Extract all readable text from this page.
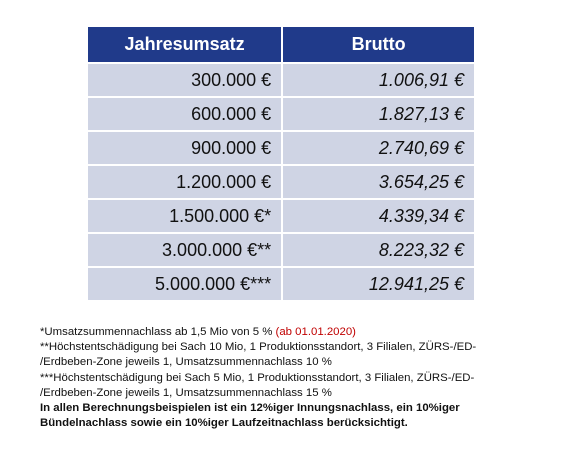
Jahresumsatz	Brutto
300.000 €	1.006,91 €
600.000 €	1.827,13 €
900.000 €	2.740,69 €
1.200.000 €	3.654,25 €
1.500.000 €*	4.339,34 €
3.000.000 €**	8.223,32 €
5.000.000 €***	12.941,25 €
*Umsatzsummennachlass ab 1,5 Mio von 5 % (ab 01.01.2020)
**Höchstentschädigung bei Sach 10 Mio, 1 Produktionsstandort, 3 Filialen, ZÜRS-/ED-
/Erdbeben-Zone jeweils 1, Umsatzsummennachlass 10 %
***Höchstentschädigung bei Sach 5 Mio, 1 Produktionsstandort, 3 Filialen, ZÜRS-/ED-
/Erdbeben-Zone jeweils 1, Umsatzsummennachlass 15 %
In allen Berechnungsbeispielen ist ein 12%iger Innungsnachlass, ein 10%iger
Bündelnachlass sowie ein 10%iger Laufzeitnachlass berücksichtigt.
